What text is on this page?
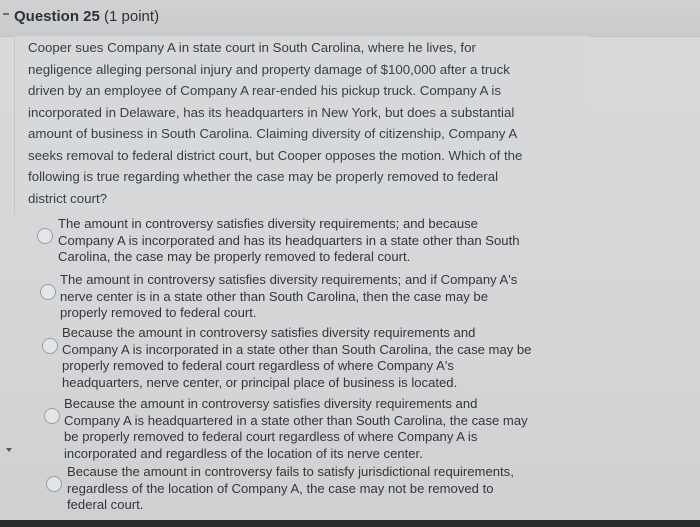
Question 25 (1 point)
Cooper sues Company A in state court in South Carolina, where he lives, for
negligence alleging personal injury and property damage of $100,000 after a truck
driven by an employee of Company A rear-ended his pickup truck. Company A is
incorporated in Delaware, has its headquarters in New York, but does a substantial
amount of business in South Carolina. Claiming diversity of citizenship, Company A
seeks removal to federal district court, but Cooper opposes the motion. Which of the
following is true regarding whether the case may be properly removed to federal
district court?
The amount in controversy satisfies diversity requirements; and because
Company A is incorporated and has its headquarters in a state other than South
Carolina, the case may be properly removed to federal court.
The amount in controversy satisfies diversity requirements; and if Company A's
nerve center is in a state other than South Carolina, then the case may be
properly removed to federal court.
Because the amount in controversy satisfies diversity requirements and
Company A is incorporated in a state other than South Carolina, the case may be
properly removed to federal court regardless of where Company A's
headquarters, nerve center, or principal place of business is located.
Because the amount in controversy satisfies diversity requirements and
Company A is headquartered in a state other than South Carolina, the case may
be properly removed to federal court regardless of where Company A is
incorporated and regardless of the location of its nerve center.
Because the amount in controversy fails to satisfy jurisdictional requirements,
regardless of the location of Company A, the case may not be removed to
federal court.
